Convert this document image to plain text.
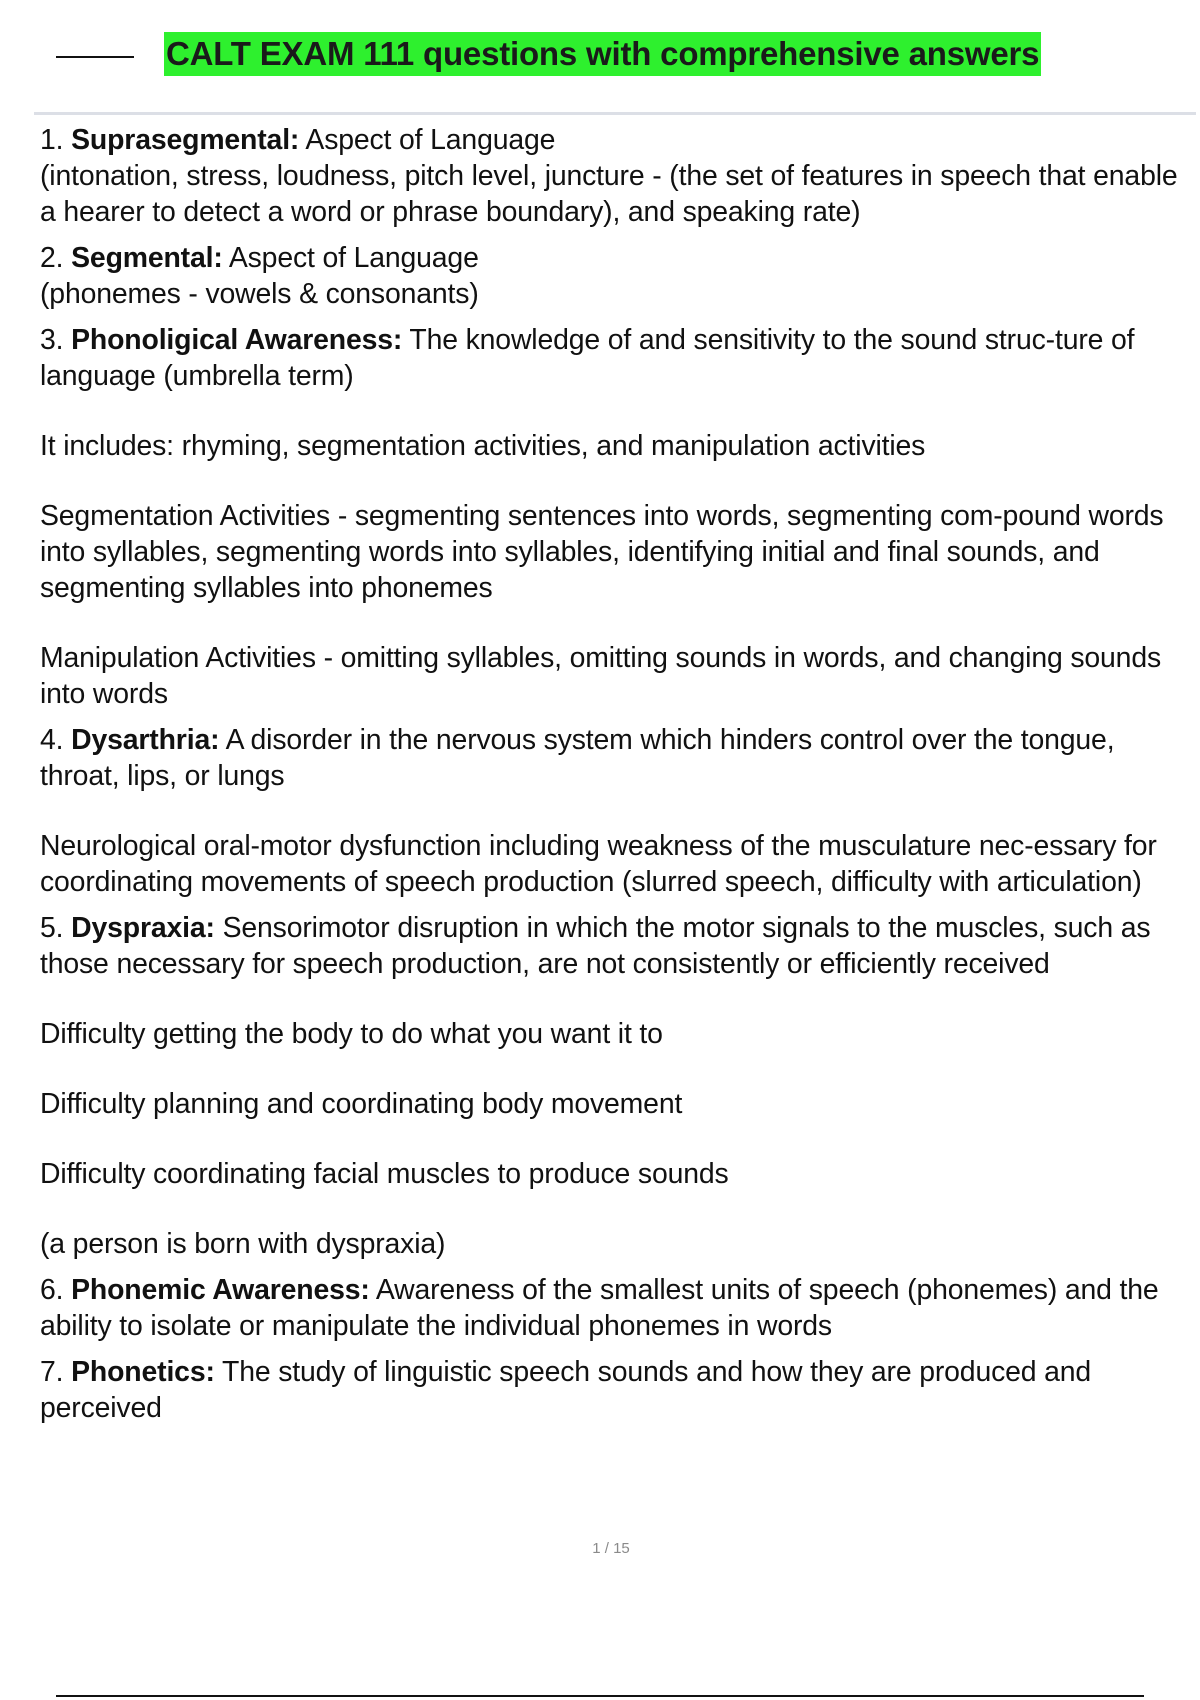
CALT EXAM 111 questions with comprehensive answers

1. Suprasegmental: Aspect of Language

(intonation, stress, loudness, pitch level, juncture - (the set of features in speech that enable a hearer to detect a word or phrase boundary), and speaking rate)

2. Segmental: Aspect of Language

(phonemes - vowels & consonants)

3. Phonoligical Awareness: The knowledge of and sensitivity to the sound struc-ture of language (umbrella term)

It includes: rhyming, segmentation activities, and manipulation activities

Segmentation Activities - segmenting sentences into words, segmenting com-pound words into syllables, segmenting words into syllables, identifying initial and final sounds, and segmenting syllables into phonemes

Manipulation Activities - omitting syllables, omitting sounds in words, and changing sounds into words

4. Dysarthria: A disorder in the nervous system which hinders control over the tongue, throat, lips, or lungs

Neurological oral-motor dysfunction including weakness of the musculature nec-essary for coordinating movements of speech production (slurred speech, difficulty with articulation)

5. Dyspraxia: Sensorimotor disruption in which the motor signals to the muscles, such as those necessary for speech production, are not consistently or efficiently received

Difficulty getting the body to do what you want it to

Difficulty planning and coordinating body movement

Difficulty coordinating facial muscles to produce sounds

(a person is born with dyspraxia)

6. Phonemic Awareness: Awareness of the smallest units of speech (phonemes) and the ability to isolate or manipulate the individual phonemes in words

7. Phonetics: The study of linguistic speech sounds and how they are produced and perceived

1 / 15
